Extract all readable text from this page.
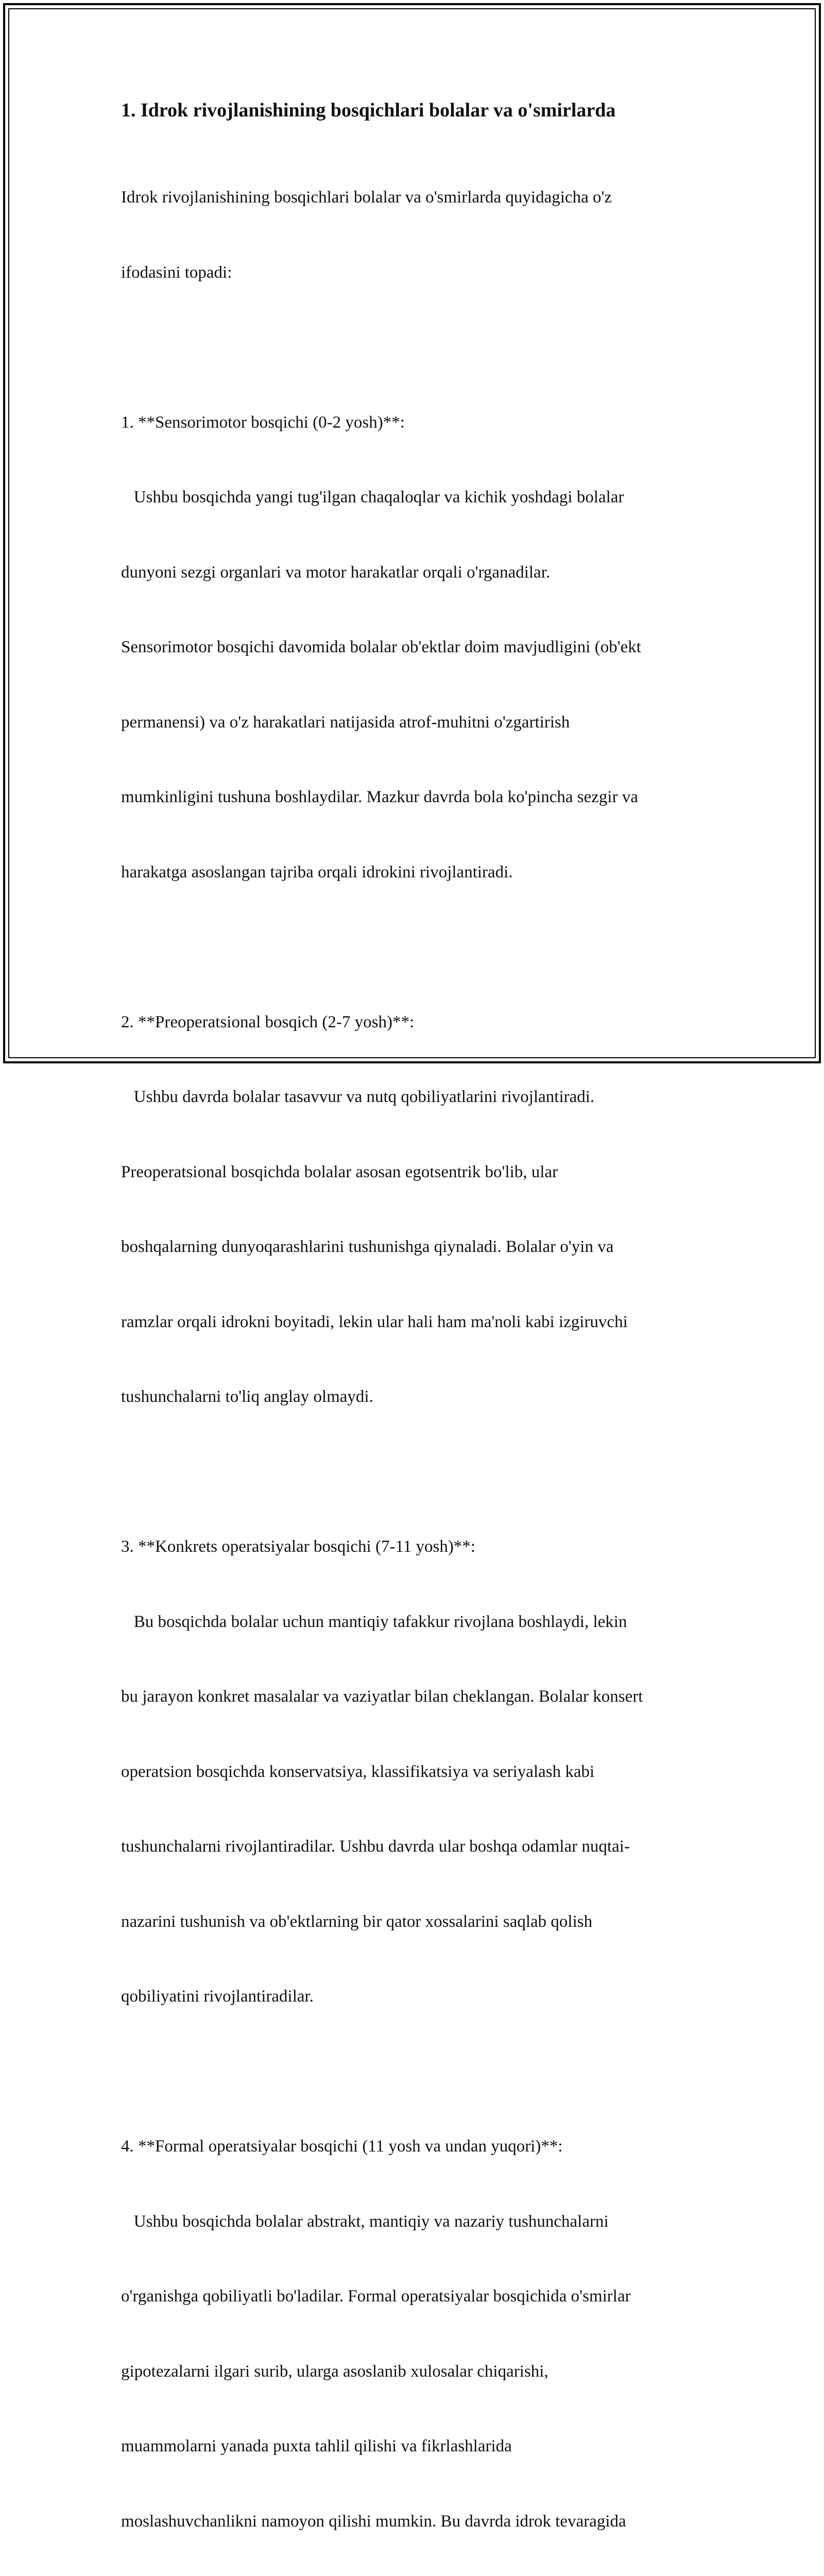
1. Idrok rivojlanishining bosqichlari bolalar va o'smirlarda

Idrok rivojlanishining bosqichlari bolalar va o'smirlarda quyidagicha o'z

ifodasini topadi:

1. **Sensorimotor bosqichi (0-2 yosh)**:

Ushbu bosqichda yangi tug'ilgan chaqaloqlar va kichik yoshdagi bolalar

dunyoni sezgi organlari va motor harakatlar orqali o'rganadilar.

Sensorimotor bosqichi davomida bolalar ob'ektlar doim mavjudligini (ob'ekt

permanensi) va o'z harakatlari natijasida atrof-muhitni o'zgartirish

mumkinligini tushuna boshlaydilar. Mazkur davrda bola ko'pincha sezgir va

harakatga asoslangan tajriba orqali idrokini rivojlantiradi.

2. **Preoperatsional bosqich (2-7 yosh)**:

Ushbu davrda bolalar tasavvur va nutq qobiliyatlarini rivojlantiradi.

Preoperatsional bosqichda bolalar asosan egotsentrik bo'lib, ular

boshqalarning dunyoqarashlarini tushunishga qiynaladi. Bolalar o'yin va

ramzlar orqali idrokni boyitadi, lekin ular hali ham ma'noli kabi izgiruvchi

tushunchalarni to'liq anglay olmaydi.

3. **Konkrets operatsiyalar bosqichi (7-11 yosh)**:

Bu bosqichda bolalar uchun mantiqiy tafakkur rivojlana boshlaydi, lekin

bu jarayon konkret masalalar va vaziyatlar bilan cheklangan. Bolalar konsert

operatsion bosqichda konservatsiya, klassifikatsiya va seriyalash kabi

tushunchalarni rivojlantiradilar. Ushbu davrda ular boshqa odamlar nuqtai-

nazarini tushunish va ob'ektlarning bir qator xossalarini saqlab qolish

qobiliyatini rivojlantiradilar.

4. **Formal operatsiyalar bosqichi (11 yosh va undan yuqori)**:

Ushbu bosqichda bolalar abstrakt, mantiqiy va nazariy tushunchalarni

o'rganishga qobiliyatli bo'ladilar. Formal operatsiyalar bosqichida o'smirlar

gipotezalarni ilgari surib, ularga asoslanib xulosalar chiqarishi,

muammolarni yanada puxta tahlil qilishi va fikrlashlarida

moslashuvchanlikni namoyon qilishi mumkin. Bu davrda idrok tevaragida
